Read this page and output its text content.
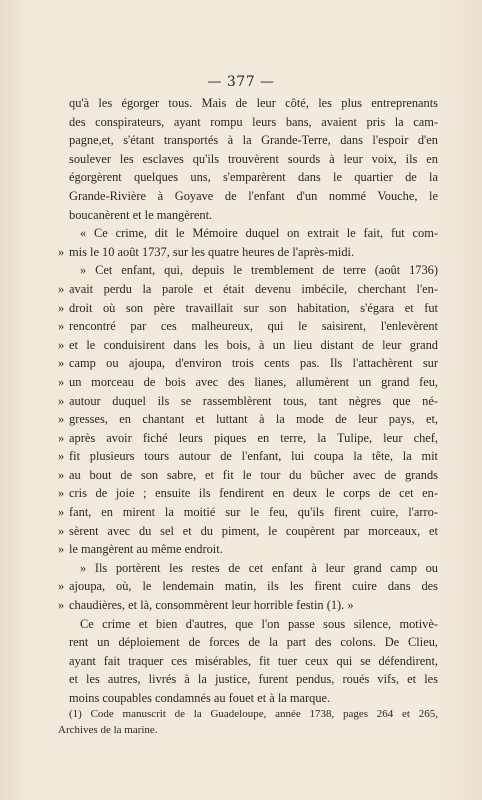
— 377 —
qu'à les égorger tous. Mais de leur côté, les plus entreprenants
des conspirateurs, ayant rompu leurs bans, avaient pris la cam-
pagne,et, s'étant transportés à la Grande-Terre, dans l'espoir d'en
soulever les esclaves qu'ils trouvèrent sourds à leur voix, ils en
égorgèrent quelques uns, s'emparèrent dans le quartier de la
Grande-Rivière à Goyave de l'enfant d'un nommé Vouche, le
boucanèrent et le mangèrent.
« Ce crime, dit le Mémoire duquel on extrait le fait, fut com-
» mis le 10 août 1737, sur les quatre heures de l'après-midi.
» Cet enfant, qui, depuis le tremblement de terre (août 1736)
» avait perdu la parole et était devenu imbécile, cherchant l'en-
» droit où son père travaillait sur son habitation, s'égara et fut
» rencontré par ces malheureux, qui le saisirent, l'enlevèrent
» et le conduisirent dans les bois, à un lieu distant de leur grand
» camp ou ajoupa, d'environ trois cents pas. Ils l'attachèrent sur
» un morceau de bois avec des lianes, allumèrent un grand feu,
» autour duquel ils se rassemblèrent tous, tant nègres que né-
» gresses, en chantant et luttant à la mode de leur pays, et,
» après avoir fiché leurs piques en terre, la Tulipe, leur chef,
» fit plusieurs tours autour de l'enfant, lui coupa la tête, la mit
» au bout de son sabre, et fit le tour du bûcher avec de grands
» cris de joie ; ensuite ils fendirent en deux le corps de cet en-
» fant, en mirent la moitié sur le feu, qu'ils firent cuire, l'arro-
» sèrent avec du sel et du piment, le coupèrent par morceaux, et
» le mangèrent au même endroit.
» Ils portèrent les restes de cet enfant à leur grand camp ou
» ajoupa, où, le lendemain matin, ils les firent cuire dans des
» chaudières, et là, consommèrent leur horrible festin (1). »
Ce crime et bien d'autres, que l'on passe sous silence, motivè-
rent un déploiement de forces de la part des colons. De Clieu,
ayant fait traquer ces misérables, fit tuer ceux qui se défendirent,
et les autres, livrés à la justice, furent pendus, roués vifs, et les
moins coupables condamnés au fouet et à la marque.
(1) Code manuscrit de la Guadeloupe, année 1738, pages 264 et 265,
Archives de la marine.
